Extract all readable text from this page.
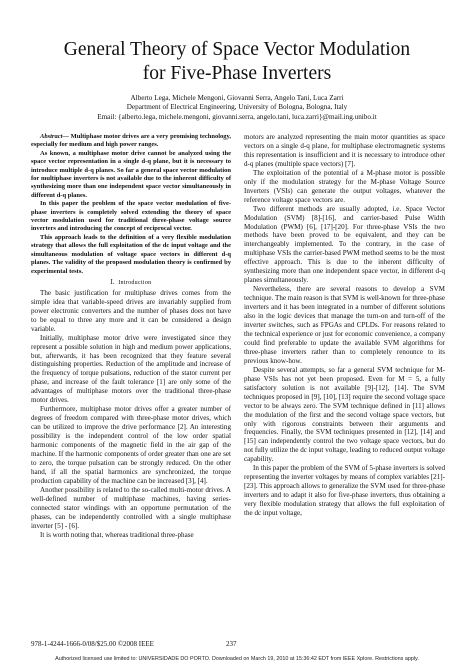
General Theory of Space Vector Modulation
for Five-Phase Inverters
Alberto Lega, Michele Mengoni, Giovanni Serra, Angelo Tani, Luca Zarri
Department of Electrical Engineering, University of Bologna, Bologna, Italy
Email: {alberto.lega, michele.mengoni, giovanni.serra, angelo.tani, luca.zarri}@mail.ing.unibo.it

Abstract— Multiphase motor drives are a very promising technology, especially for medium and high power ranges.

As known, a multiphase motor drive cannot be analyzed using the space vector representation in a single d-q plane, but it is necessary to introduce multiple d-q planes. So far a general space vector modulation for multiphase inverters is not available due to the inherent difficulty of synthesizing more than one independent space vector simultaneously in different d-q planes.

In this paper the problem of the space vector modulation of five-phase inverters is completely solved extending the theory of space vector modulation used for traditional three-phase voltage source inverters and introducing the concept of reciprocal vector.

This approach leads to the definition of a very flexible modulation strategy that allows the full exploitation of the dc input voltage and the simultaneous modulation of voltage space vectors in different d-q planes. The validity of the proposed modulation theory is confirmed by experimental tests.

I. Introduction

The basic justification for multiphase drives comes from the simple idea that variable-speed drives are invariably supplied from power electronic converters and the number of phases does not have to be equal to three any more and it can be considered a design variable.

Initially, multiphase motor drive were investigated since they represent a possible solution in high and medium power applications, but, afterwards, it has been recognized that they feature several distinguishing properties. Reduction of the amplitude and increase of the frequency of torque pulsations, reduction of the stator current per phase, and increase of the fault tolerance [1] are only some of the advantages of multiphase motors over the traditional three-phase motor drives.

Furthermore, multiphase motor drives offer a greater number of degrees of freedom compared with three-phase motor drives, which can be utilized to improve the drive performance [2]. An interesting possibility is the independent control of the low order spatial harmonic components of the magnetic field in the air gap of the machine. If the harmonic components of order greater than one are set to zero, the torque pulsation can be strongly reduced. On the other hand, if all the spatial harmonics are synchronized, the torque production capability of the machine can be increased [3], [4].

Another possibility is related to the so-called multi-motor drives. A well-defined number of multiphase machines, having series-connected stator windings with an opportune permutation of the phases, can be independently controlled with a single multiphase inverter [5] - [6].

It is worth noting that, whereas traditional three-phase

motors are analyzed representing the main motor quantities as space vectors on a single d-q plane, for multiphase electromagnetic systems this representation is insufficient and it is necessary to introduce other d-q planes (multiple space vectors) [7].

The exploitation of the potential of a M-phase motor is possible only if the modulation strategy for the M-phase Voltage Source Inverters (VSIs) can generate the output voltages, whatever the reference voltage space vectors are.

Two different methods are usually adopted, i.e. Space Vector Modulation (SVM) [8]-[16], and carrier-based Pulse Width Modulation (PWM) [6], [17]-[20]. For three-phase VSIs the two methods have been proved to be equivalent, and they can be interchangeably implemented. To the contrary, in the case of multiphase VSIs the carrier-based PWM method seems to be the most effective approach. This is due to the inherent difficulty of synthesizing more than one independent space vector, in different d-q planes simultaneously.

Nevertheless, there are several reasons to develop a SVM technique. The main reason is that SVM is well-known for three-phase inverters and it has been integrated in a number of different solutions also in the logic devices that manage the turn-on and turn-off of the inverter switches, such as FPGAs and CPLDs. For reasons related to the technical experience or just for economic convenience, a company could find preferable to update the available SVM algorithms for three-phase inverters rather than to completely renounce to its previous know-how.

Despite several attempts, so far a general SVM technique for M-phase VSIs has not yet been proposed. Even for M = 5, a fully satisfactory solution is not available [9]-[12], [14]. The SVM techniques proposed in [9], [10], [13] require the second voltage space vector to be always zero. The SVM technique defined in [11] allows the modulation of the first and the second voltage space vectors, but only with rigorous constraints between their arguments and frequencies. Finally, the SVM techniques presented in [12], [14] and [15] can independently control the two voltage space vectors, but do not fully utilize the dc input voltage, leading to reduced output voltage capability.

In this paper the problem of the SVM of 5-phase inverters is solved representing the inverter voltages by means of complex variables [21]-[23]. This approach allows to generalize the SVM used for three-phase inverters and to adapt it also for five-phase inverters, thus obtaining a very flexible modulation strategy that allows the full exploitation of the dc input voltage,

978-1-4244-1666-0/08/$25.00 ©2008 IEEE	237
Authorized licensed use limited to: UNIVERSIDADE DO PORTO. Downloaded on March 19, 2010 at 15:36:42 EDT from IEEE Xplore. Restrictions apply.
